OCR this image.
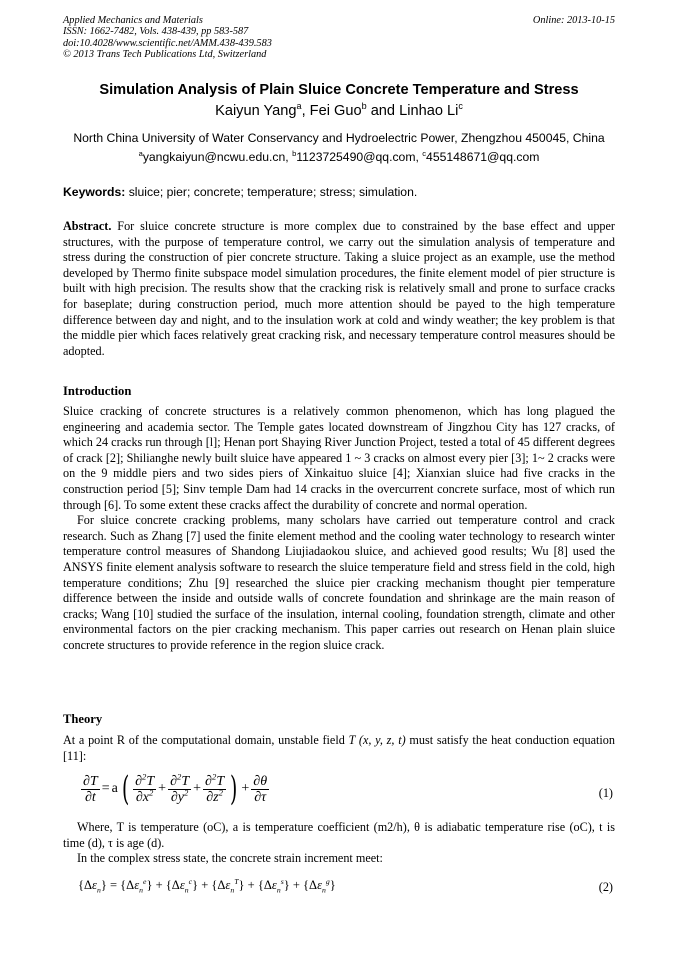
Applied Mechanics and Materials
ISSN: 1662-7482, Vols. 438-439, pp 583-587
doi:10.4028/www.scientific.net/AMM.438-439.583
© 2013 Trans Tech Publications Ltd, Switzerland
Online: 2013-10-15
Simulation Analysis of Plain Sluice Concrete Temperature and Stress
Kaiyun Yang$^a$, Fei Guo$^b$ and Linhao Li$^c$
North China University of Water Conservancy and Hydroelectric Power, Zhengzhou 450045, China
$^a$yangkaiyun@ncwu.edu.cn, $^b$1123725490@qq.com, $^c$455148671@qq.com
Keywords: sluice; pier; concrete; temperature; stress; simulation.
Abstract. For sluice concrete structure is more complex due to constrained by the base effect and upper structures, with the purpose of temperature control, we carry out the simulation analysis of temperature and stress during the construction of pier concrete structure. Taking a sluice project as an example, use the method developed by Thermo finite subspace model simulation procedures, the finite element model of pier structure is built with high precision. The results show that the cracking risk is relatively small and prone to surface cracks for baseplate; during construction period, much more attention should be payed to the high temperature difference between day and night, and to the insulation work at cold and windy weather; the key problem is that the middle pier which faces relatively great cracking risk, and necessary temperature control measures should be adopted.
Introduction

Sluice cracking of concrete structures is a relatively common phenomenon, which has long plagued the engineering and academia sector. The Temple gates located downstream of Jingzhou City has 127 cracks, of which 24 cracks run through [l]; Henan port Shaying River Junction Project, tested a total of 45 different degrees of crack [2]; Shilianghe newly built sluice have appeared 1 ~ 3 cracks on almost every pier [3]; 1~ 2 cracks were on the 9 middle piers and two sides piers of Xinkaituo sluice [4]; Xianxian sluice had five cracks in the construction period [5]; Sinv temple Dam had 14 cracks in the overcurrent concrete surface, most of which run through [6]. To some extent these cracks affect the durability of concrete and normal operation.

For sluice concrete cracking problems, many scholars have carried out temperature control and crack research. Such as Zhang [7] used the finite element method and the cooling water technology to research winter temperature control measures of Shandong Liujiadaokou sluice, and achieved good results; Wu [8] used the ANSYS finite element analysis software to research the sluice temperature field and stress field in the cold, high temperature conditions; Zhu [9] researched the sluice pier cracking mechanism thought pier temperature difference between the inside and outside walls of concrete foundation and shrinkage are the main reason of cracks; Wang [10] studied the surface of the insulation, internal cooling, foundation strength, climate and other environmental factors on the pier cracking mechanism. This paper carries out research on Henan plain sluice concrete structures to provide reference in the region sluice crack.

Theory

At a point R of the computational domain, unstable field T (x, y, z, t) must satisfy the heat conduction equation [11]:

$\frac{\partial T}{\partial t} = a$ ( $\frac{\partial^2T}{\partial x^2} + \frac{\partial^2T}{\partial y^2} + \frac{\partial^2T}{\partial z^2}$ ) + $\frac{\partial\theta}{\partial\tau}$	(1)

Where, T is temperature (oC), a is temperature coefficient (m2/h), θ is adiabatic temperature rise (oC), t is time (d), τ is age (d).

In the complex stress state, the concrete strain increment meet:

$\{\Delta\varepsilon_n\} = \{\Delta\varepsilon_n^e\} + \{\Delta\varepsilon_n^c\} + \{\Delta\varepsilon_n^T\} + \{\Delta\varepsilon_n^s\} + \{\Delta\varepsilon_n^g\}$	(2)
